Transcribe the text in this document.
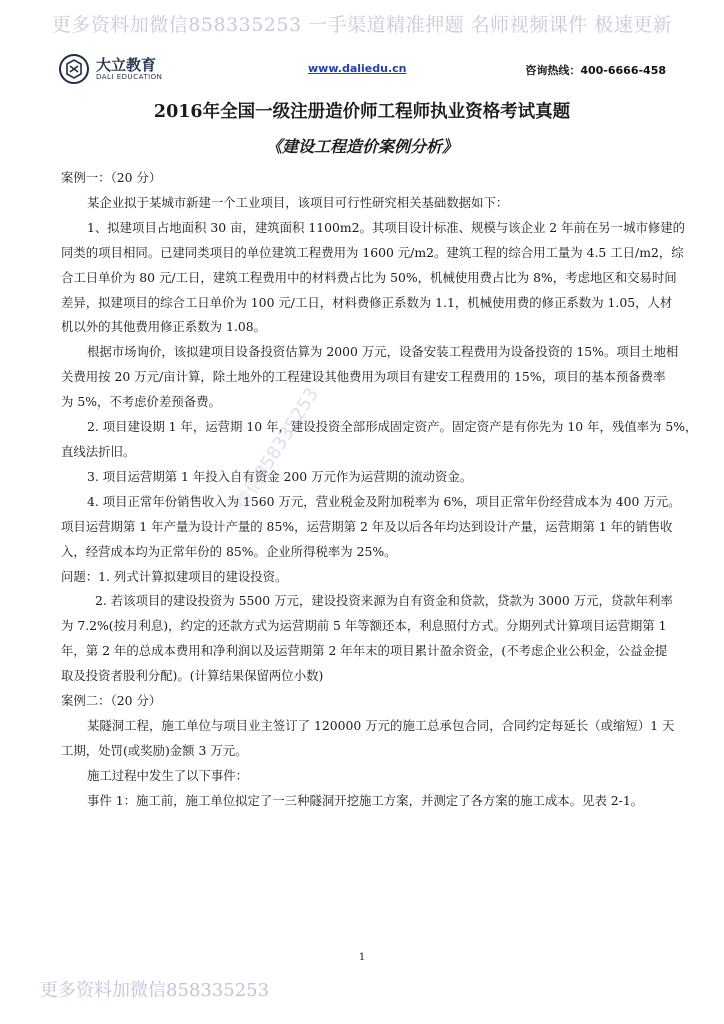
更多资料加微信858335253 一手渠道精准押题 名师视频课件 极速更新
大立教育
DALI EDUCATION
www.daliedu.cn	咨询热线：400-6666-458
2016年全国一级注册造价师工程师执业资格考试真题
《建设工程造价案例分析》
案例一：（20 分）
某企业拟于某城市新建一个工业项目，该项目可行性研究相关基础数据如下：
1、拟建项目占地面积 30 亩，建筑面积 1100m2。其项目设计标准、规模与该企业 2 年前在另一城市修建的
同类的项目相同。已建同类项目的单位建筑工程费用为 1600 元/m2。建筑工程的综合用工量为 4.5 工日/m2，综
合工日单价为 80 元/工日，建筑工程费用中的材料费占比为 50%，机械使用费占比为 8%，考虑地区和交易时间
差异，拟建项目的综合工日单价为 100 元/工日，材料费修正系数为 1.1，机械使用费的修正系数为 1.05，人材
机以外的其他费用修正系数为 1.08。
根据市场询价，该拟建项目设备投资估算为 2000 万元，设备安装工程费用为设备投资的 15%。项目土地相
关费用按 20 万元/亩计算，除土地外的工程建设其他费用为项目有建安工程费用的 15%，项目的基本预备费率
为 5%，不考虑价差预备费。
2. 项目建设期 1 年，运营期 10 年，建设投资全部形成固定资产。固定资产是有你先为 10 年，残值率为 5%，
直线法折旧。
3. 项目运营期第 1 年投入自有资金 200 万元作为运营期的流动资金。
4. 项目正常年份销售收入为 1560 万元，营业税金及附加税率为 6%，项目正常年份经营成本为 400 万元。
项目运营期第 1 年产量为设计产量的 85%，运营期第 2 年及以后各年均达到设计产量，运营期第 1 年的销售收
入，经营成本均为正常年份的 85%。企业所得税率为 25%。
问题：1. 列式计算拟建项目的建设投资。
2. 若该项目的建设投资为 5500 万元，建设投资来源为自有资金和贷款，贷款为 3000 万元，贷款年利率
为 7.2%(按月利息)，约定的还款方式为运营期前 5 年等额还本，利息照付方式。分期列式计算项目运营期第 1
年，第 2 年的总成本费用和净利润以及运营期第 2 年年末的项目累计盈余资金，(不考虑企业公积金，公益金提
取及投资者股利分配)。(计算结果保留两位小数)
案例二：（20 分）
某隧洞工程，施工单位与项目业主签订了 120000 万元的施工总承包合同，合同约定每延长（或缩短）1 天
工期，处罚(或奖励)金额 3 万元。
施工过程中发生了以下事件：
事件 1：施工前，施工单位拟定了一三种隧洞开挖施工方案，并测定了各方案的施工成本。见表 2-1。
微信858335253
1
更多资料加微信858335253
